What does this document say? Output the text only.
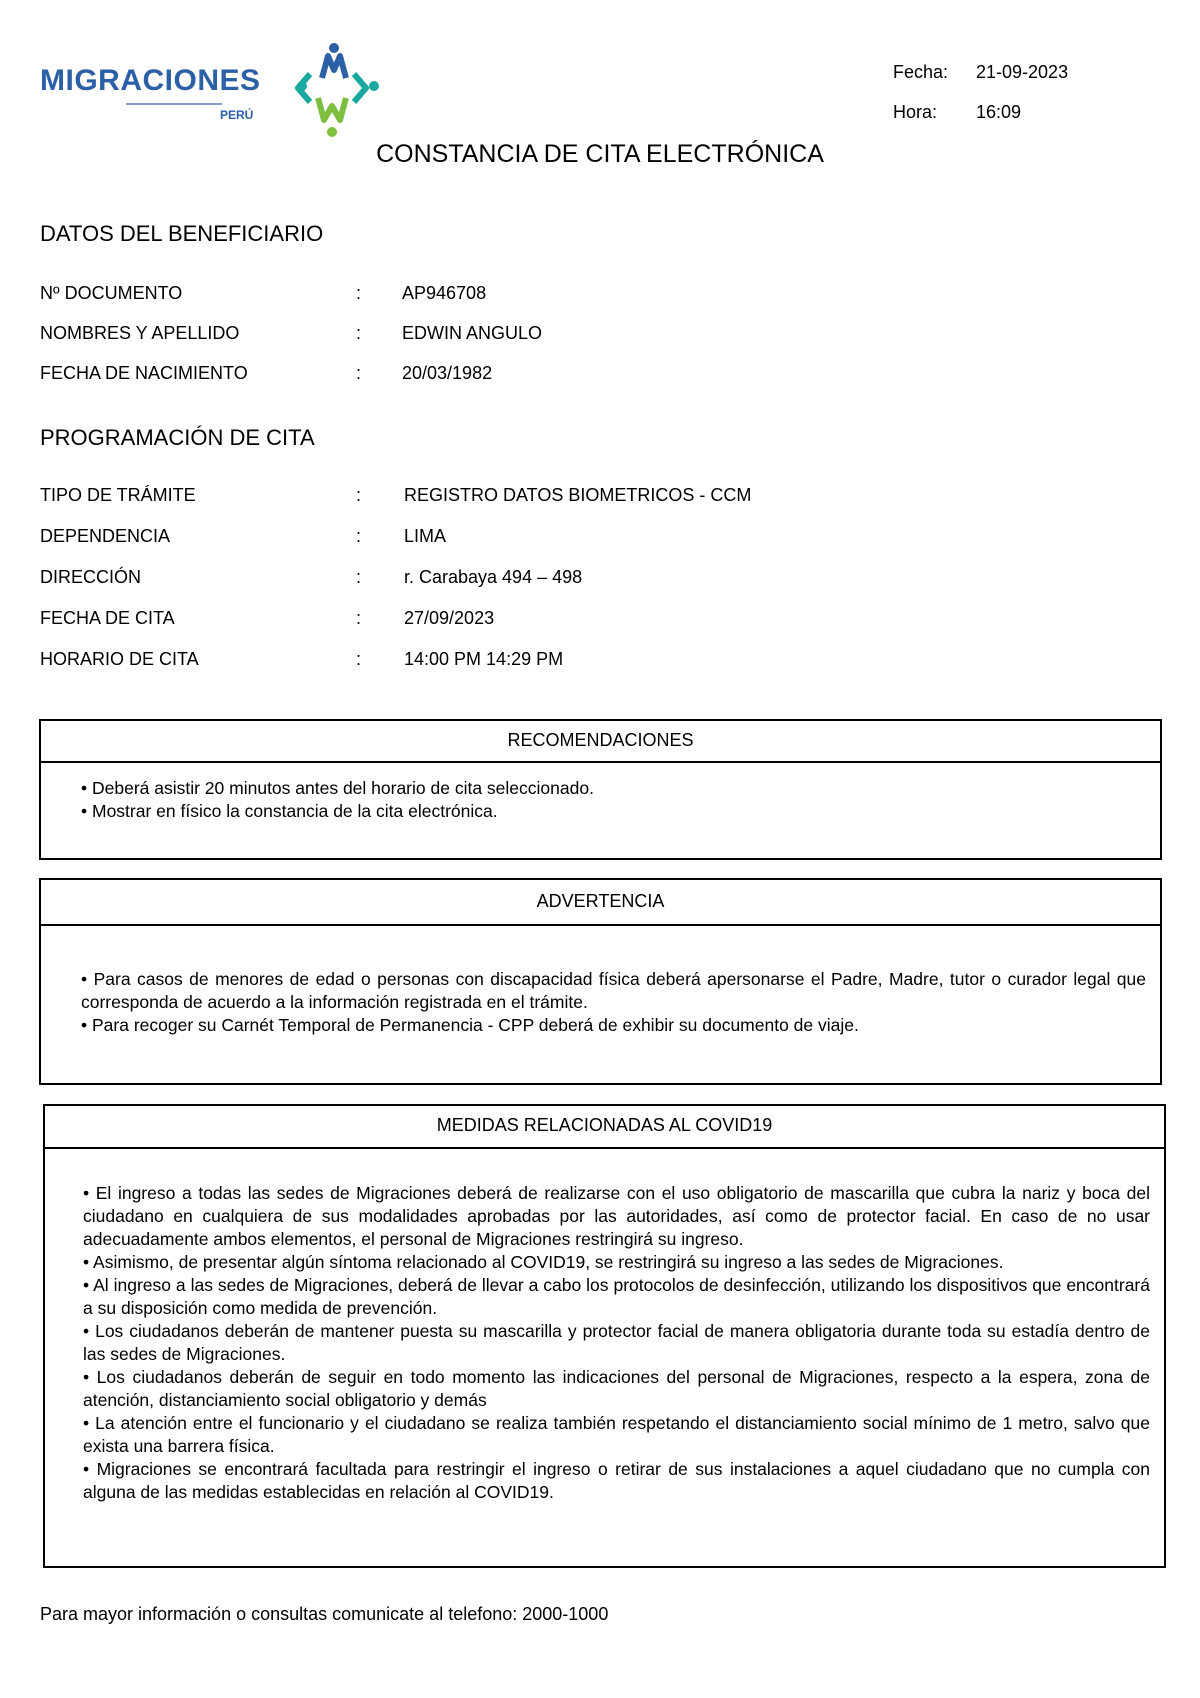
MIGRACIONES
PERÚ
Fecha: 21-09-2023
Hora: 16:09
CONSTANCIA DE CITA ELECTRÓNICA
DATOS DEL BENEFICIARIO
Nº DOCUMENTO	: AP946708
NOMBRES Y APELLIDO	: EDWIN ANGULO
FECHA DE NACIMIENTO	: 20/03/1982
PROGRAMACIÓN DE CITA
TIPO DE TRÁMITE	: REGISTRO DATOS BIOMETRICOS - CCM
DEPENDENCIA	: LIMA
DIRECCIÓN	: r. Carabaya 494 – 498
FECHA DE CITA	: 27/09/2023
HORARIO DE CITA	: 14:00 PM 14:29 PM
RECOMENDACIONES

• Deberá asistir 20 minutos antes del horario de cita seleccionado.

• Mostrar en físico la constancia de la cita electrónica.

ADVERTENCIA

• Para casos de menores de edad o personas con discapacidad física deberá apersonarse el Padre, Madre, tutor o curador legal que corresponda de acuerdo a la información registrada en el trámite.

• Para recoger su Carnét Temporal de Permanencia - CPP deberá de exhibir su documento de viaje.

MEDIDAS RELACIONADAS AL COVID19

• El ingreso a todas las sedes de Migraciones deberá de realizarse con el uso obligatorio de mascarilla que cubra la nariz y boca del ciudadano en cualquiera de sus modalidades aprobadas por las autoridades, así como de protector facial. En caso de no usar adecuadamente ambos elementos, el personal de Migraciones restringirá su ingreso.

• Asimismo, de presentar algún síntoma relacionado al COVID19, se restringirá su ingreso a las sedes de Migraciones.

• Al ingreso a las sedes de Migraciones, deberá de llevar a cabo los protocolos de desinfección, utilizando los dispositivos que encontrará a su disposición como medida de prevención.

• Los ciudadanos deberán de mantener puesta su mascarilla y protector facial de manera obligatoria durante toda su estadía dentro de las sedes de Migraciones.

• Los ciudadanos deberán de seguir en todo momento las indicaciones del personal de Migraciones, respecto a la espera, zona de atención, distanciamiento social obligatorio y demás

• La atención entre el funcionario y el ciudadano se realiza también respetando el distanciamiento social mínimo de 1 metro, salvo que exista una barrera física.

• Migraciones se encontrará facultada para restringir el ingreso o retirar de sus instalaciones a aquel ciudadano que no cumpla con alguna de las medidas establecidas en relación al COVID19.

Para mayor información o consultas comunicate al telefono: 2000-1000
